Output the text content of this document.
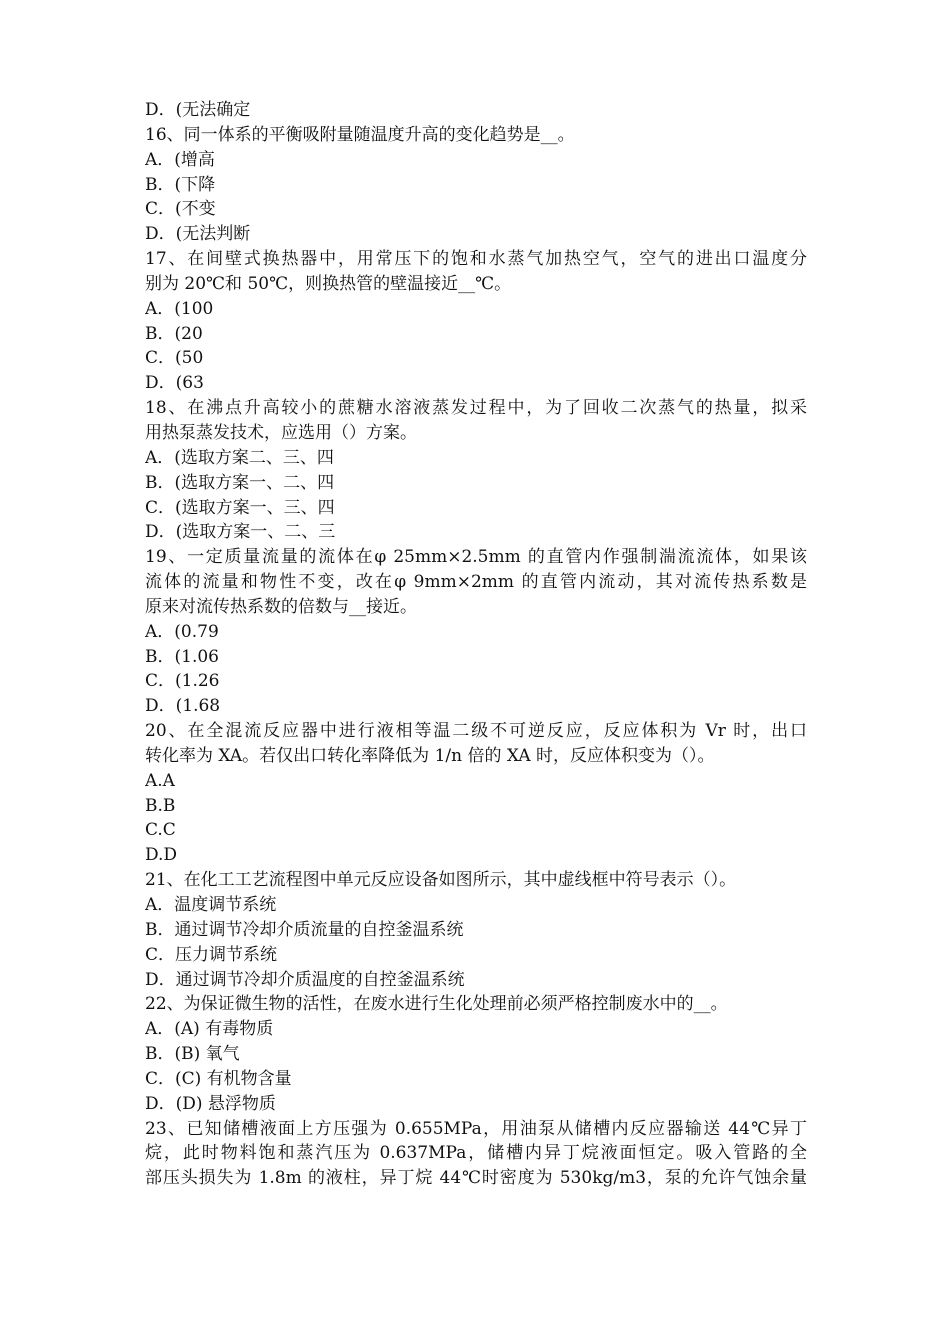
D．(无法确定
16、同一体系的平衡吸附量随温度升高的变化趋势是__。
A．(增高
B．(下降
C．(不变
D．(无法判断
17、在间壁式换热器中，用常压下的饱和水蒸气加热空气，空气的进出口温度分
别为 20℃和 50℃，则换热管的壁温接近__℃。
A．(100
B．(20
C．(50
D．(63
18、在沸点升高较小的蔗糖水溶液蒸发过程中，为了回收二次蒸气的热量，拟采
用热泵蒸发技术，应选用（）方案。
A．(选取方案二、三、四
B．(选取方案一、二、四
C．(选取方案一、三、四
D．(选取方案一、二、三
19、一定质量流量的流体在φ 25mm×2.5mm 的直管内作强制湍流流体，如果该
流体的流量和物性不变，改在φ 9mm×2mm 的直管内流动，其对流传热系数是
原来对流传热系数的倍数与__接近。
A．(0.79
B．(1.06
C．(1.26
D．(1.68
20、在全混流反应器中进行液相等温二级不可逆反应，反应体积为 Vr 时，出口
转化率为 XA。若仅出口转化率降低为 1/n 倍的 XA 时，反应体积变为（）。
A.A
B.B
C.C
D.D
21、在化工工艺流程图中单元反应设备如图所示，其中虚线框中符号表示（）。
A．温度调节系统
B．通过调节冷却介质流量的自控釜温系统
C．压力调节系统
D．通过调节冷却介质温度的自控釜温系统
22、为保证微生物的活性，在废水进行生化处理前必须严格控制废水中的__。
A．(A) 有毒物质
B．(B) 氧气
C．(C) 有机物含量
D．(D) 悬浮物质
23、已知储槽液面上方压强为 0.655MPa，用油泵从储槽内反应器输送 44℃异丁
烷，此时物料饱和蒸汽压为 0.637MPa，储槽内异丁烷液面恒定。吸入管路的全
部压头损失为 1.8m 的液柱，异丁烷 44℃时密度为 530kg/m3，泵的允许气蚀余量
